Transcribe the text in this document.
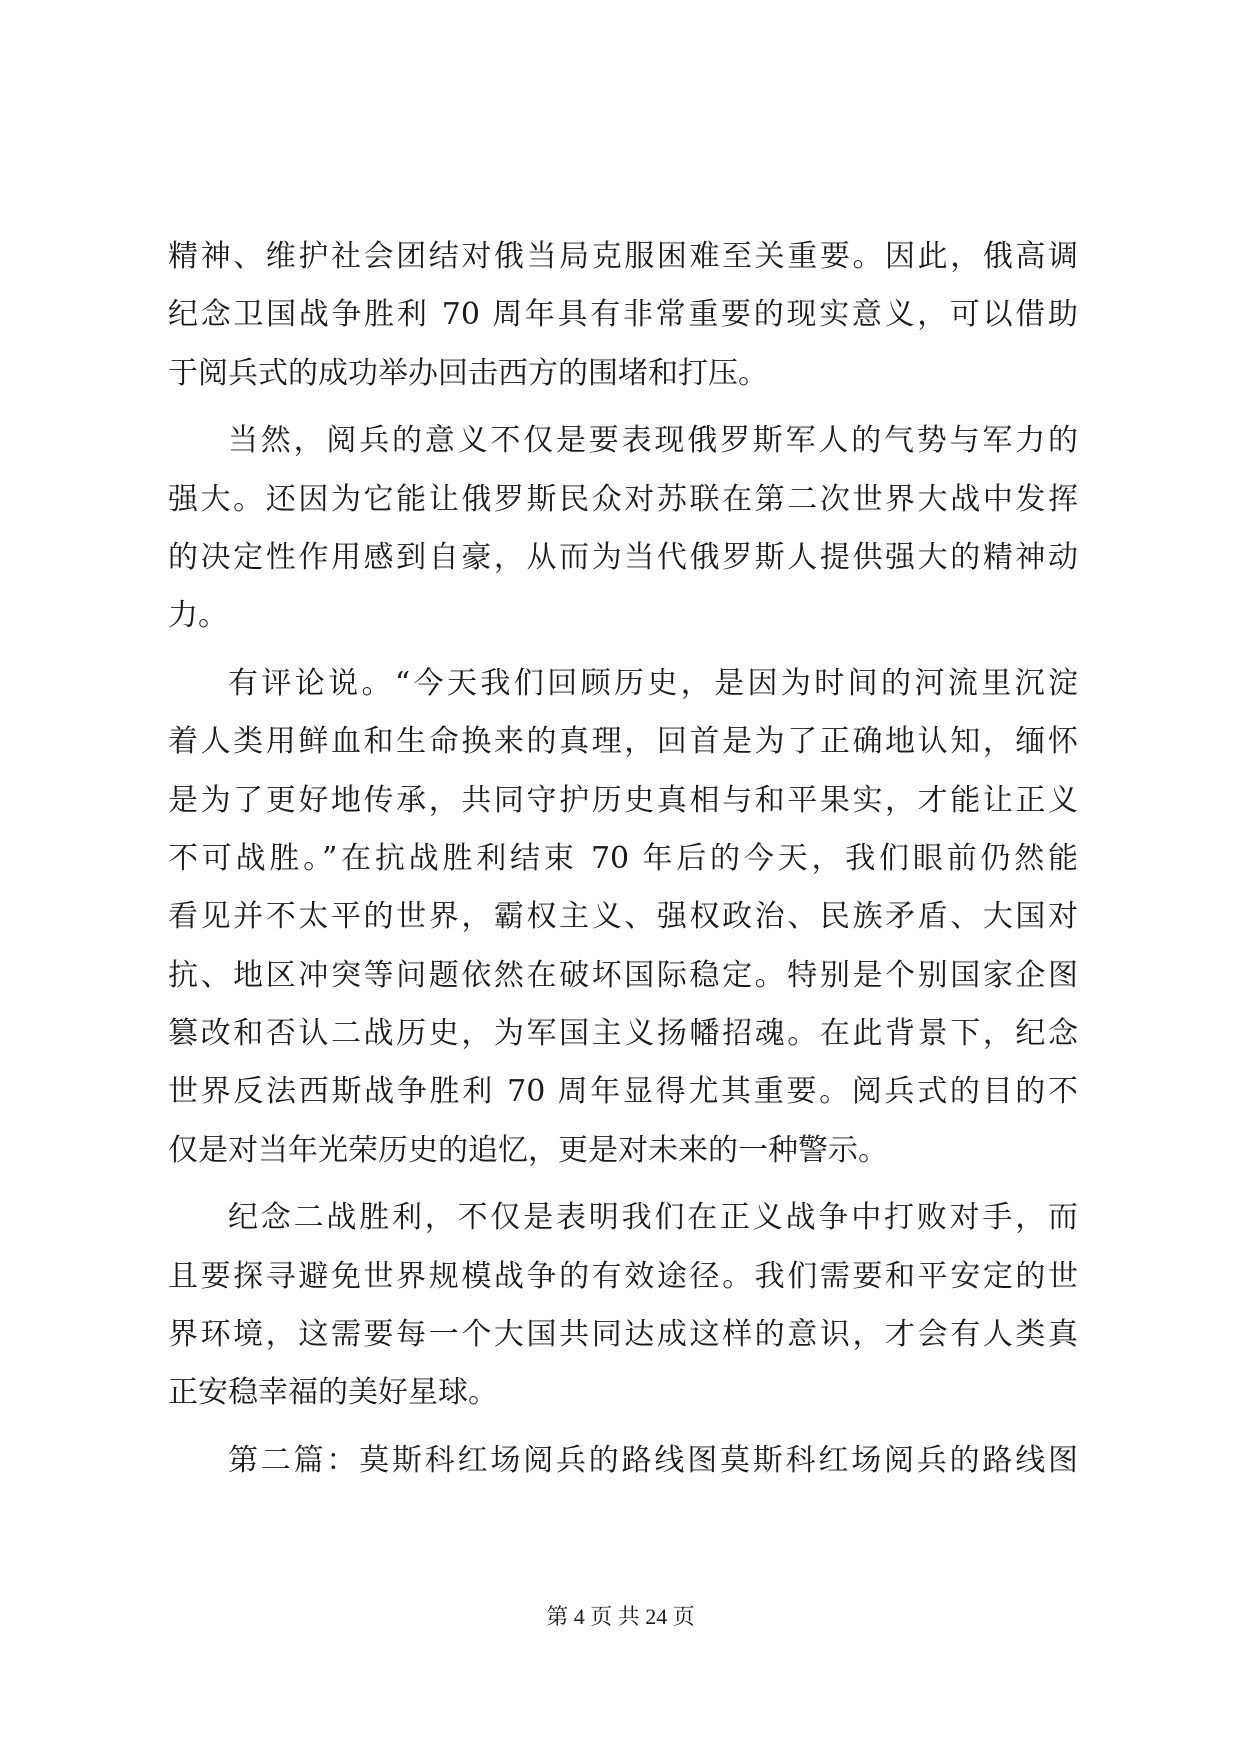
精神、维护社会团结对俄当局克服困难至关重要。因此，俄高调
纪念卫国战争胜利 70 周年具有非常重要的现实意义，可以借助
于阅兵式的成功举办回击西方的围堵和打压。
当然，阅兵的意义不仅是要表现俄罗斯军人的气势与军力的
强大。还因为它能让俄罗斯民众对苏联在第二次世界大战中发挥
的决定性作用感到自豪，从而为当代俄罗斯人提供强大的精神动
力。
有评论说。“今天我们回顾历史，是因为时间的河流里沉淀
着人类用鲜血和生命换来的真理，回首是为了正确地认知，缅怀
是为了更好地传承，共同守护历史真相与和平果实，才能让正义
不可战胜。”在抗战胜利结束 70 年后的今天，我们眼前仍然能
看见并不太平的世界，霸权主义、强权政治、民族矛盾、大国对
抗、地区冲突等问题依然在破坏国际稳定。特别是个别国家企图
篡改和否认二战历史，为军国主义扬幡招魂。在此背景下，纪念
世界反法西斯战争胜利 70 周年显得尤其重要。阅兵式的目的不
仅是对当年光荣历史的追忆，更是对未来的一种警示。
纪念二战胜利，不仅是表明我们在正义战争中打败对手，而
且要探寻避免世界规模战争的有效途径。我们需要和平安定的世
界环境，这需要每一个大国共同达成这样的意识，才会有人类真
正安稳幸福的美好星球。
第二篇：莫斯科红场阅兵的路线图莫斯科红场阅兵的路线图
第 4 页 共 24 页
